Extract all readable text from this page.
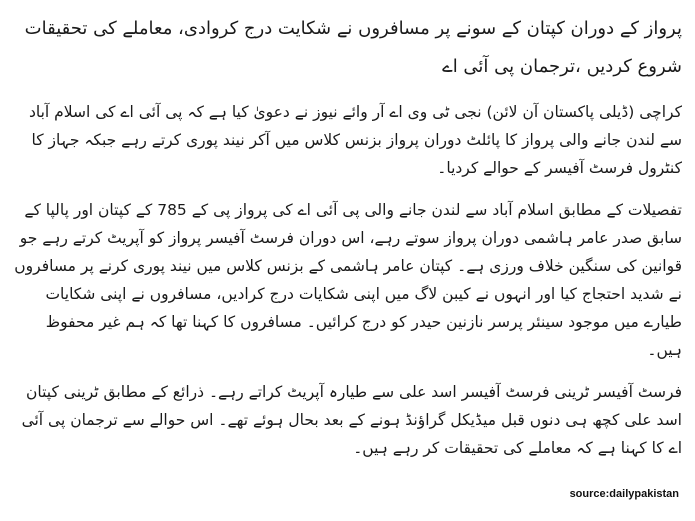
پرواز کے دوران کپتان کے سونے پر مسافروں نے شکایت درج کروادی، معاملے کی تحقیقات شروع کردیں ،ترجمان پی آئی اے

کراچی (ڈیلی پاکستان آن لائن) نجی ٹی وی اے آر وائے نیوز نے دعویٰ کیا ہے کہ پی آئی اے کی اسلام آباد سے لندن جانے والی پرواز کا پائلٹ دوران پرواز بزنس کلاس میں آکر نیند پوری کرتے رہے جبکہ جہاز کا کنٹرول فرسٹ آفیسر کے حوالے کردیا۔

تفصیلات کے مطابق اسلام آباد سے لندن جانے والی پی آئی اے کی پرواز پی کے 785 کے کپتان اور پالپا کے سابق صدر عامر ہاشمی دوران پرواز سوتے رہے، اس دوران فرسٹ آفیسر پرواز کو آپریٹ کرتے رہے جو قوانین کی سنگین خلاف ورزی ہے۔ کپتان عامر ہاشمی کے بزنس کلاس میں نیند پوری کرنے پر مسافروں نے شدید احتجاج کیا اور انہوں نے کیبن لاگ میں اپنی شکایات درج کرادیں، مسافروں نے اپنی شکایات طیارے میں موجود سینئر پرسر نازنین حیدر کو درج کرائیں۔ مسافروں کا کہنا تھا کہ ہم غیر محفوظ ہیں۔

فرسٹ آفیسر ٹرینی فرسٹ آفیسر اسد علی سے طیارہ آپریٹ کراتے رہے۔ ذرائع کے مطابق ٹرینی کپتان اسد علی کچھ ہی دنوں قبل میڈیکل گراؤنڈ ہونے کے بعد بحال ہوئے تھے۔ اس حوالے سے ترجمان پی آئی اے کا کہنا ہے کہ معاملے کی تحقیقات کر رہے ہیں۔

source:dailypakistan
